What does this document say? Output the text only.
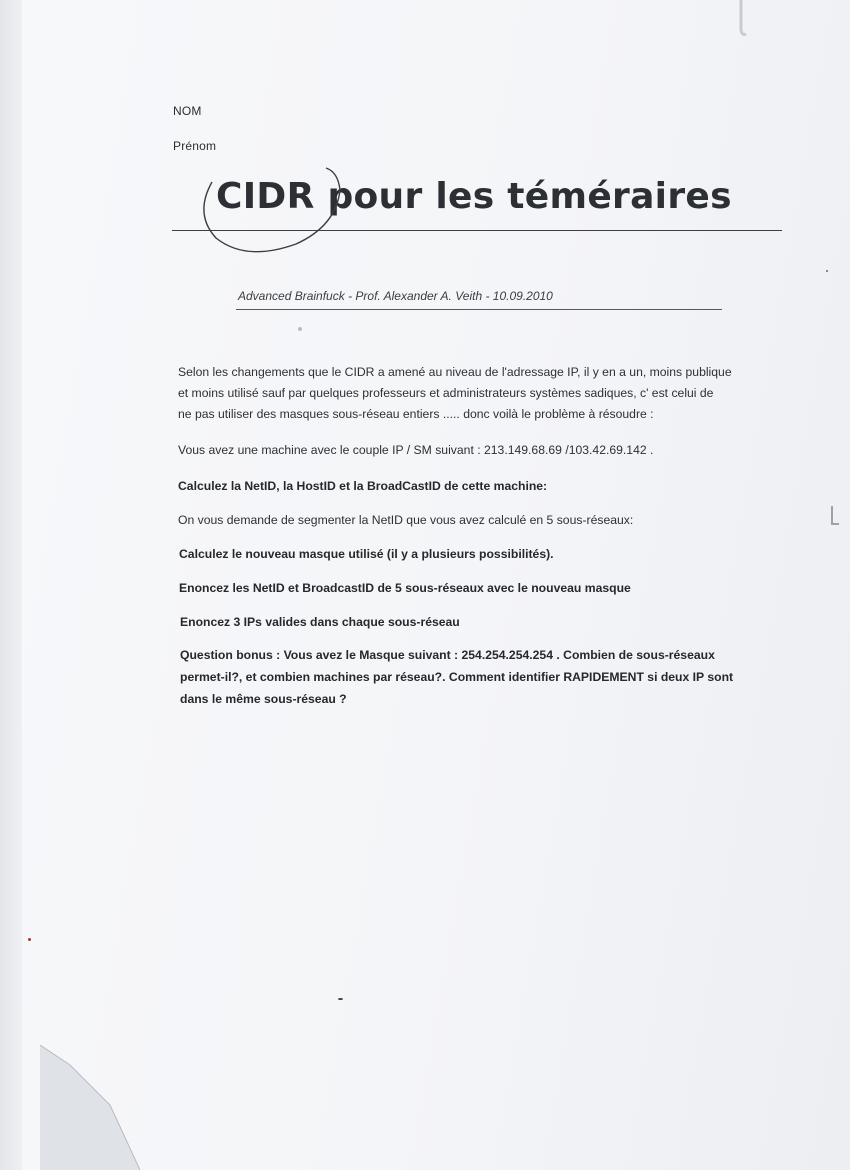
NOM

Prénom

CIDR pour les téméraires

Advanced Brainfuck - Prof. Alexander A. Veith - 10.09.2010

Selon les changements que le CIDR a amené au niveau de l'adressage IP, il y en a un, moins publique

et moins utilisé sauf par quelques professeurs et administrateurs systèmes sadiques, c' est celui de

ne pas utiliser des masques sous-réseau entiers ..... donc voilà le problème à résoudre :

Vous avez une machine avec le couple IP / SM suivant : 213.149.68.69 /103.42.69.142 .

Calculez la NetID, la HostID et la BroadCastID de cette machine:

On vous demande de segmenter la NetID que vous avez calculé en 5 sous-réseaux:

Calculez le nouveau masque utilisé (il y a plusieurs possibilités).

Enoncez les NetID et BroadcastID de 5 sous-réseaux avec le nouveau masque

Enoncez 3 IPs valides dans chaque sous-réseau

Question bonus : Vous avez le Masque suivant : 254.254.254.254 . Combien de sous-réseaux

permet-il?, et combien machines par réseau?. Comment identifier RAPIDEMENT si deux IP sont

dans le même sous-réseau ?
